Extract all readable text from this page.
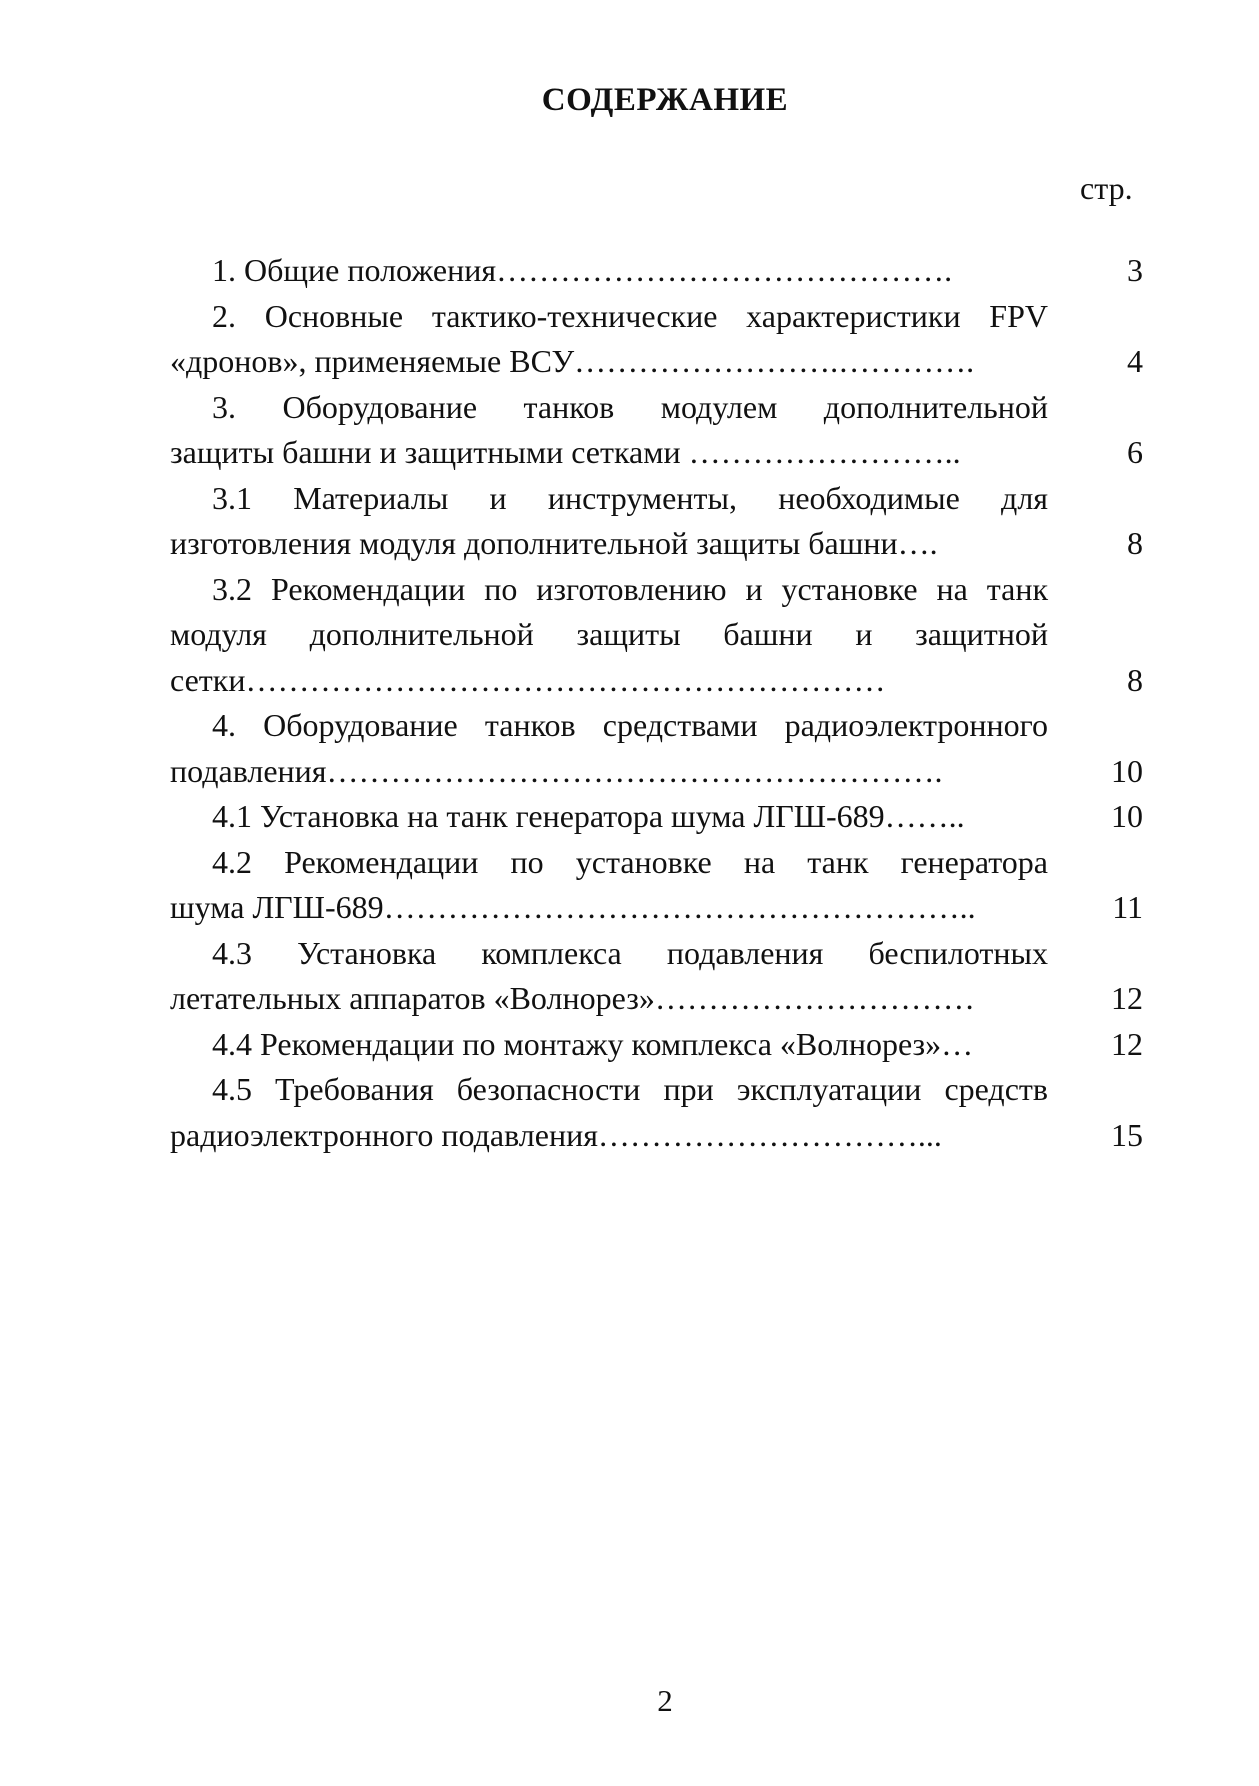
СОДЕРЖАНИЕ
стр.
1. Общие положения…………………………………….	3
2. Основные тактико-технические характеристики FPV
«дронов», применяемые ВСУ…………………….………….	4
3. Оборудование танков модулем дополнительной
защиты башни и защитными сетками ……………………..	6
3.1 Материалы и инструменты, необходимые для
изготовления модуля дополнительной защиты башни….	8
3.2 Рекомендации по изготовлению и установке на танк
модуля дополнительной защиты башни и защитной
сетки……………………………………………………	8
4. Оборудование танков средствами радиоэлектронного
подавления………………………………………………….	10
4.1 Установка на танк генератора шума ЛГШ-689……..	10
4.2 Рекомендации по установке на танк генератора
шума ЛГШ-689………………………………………………..	11
4.3 Установка комплекса подавления беспилотных
летательных аппаратов «Волнорез»…………………………	12
4.4 Рекомендации по монтажу комплекса «Волнорез»…	12
4.5 Требования безопасности при эксплуатации средств
радиоэлектронного подавления…………………………...	15
2
